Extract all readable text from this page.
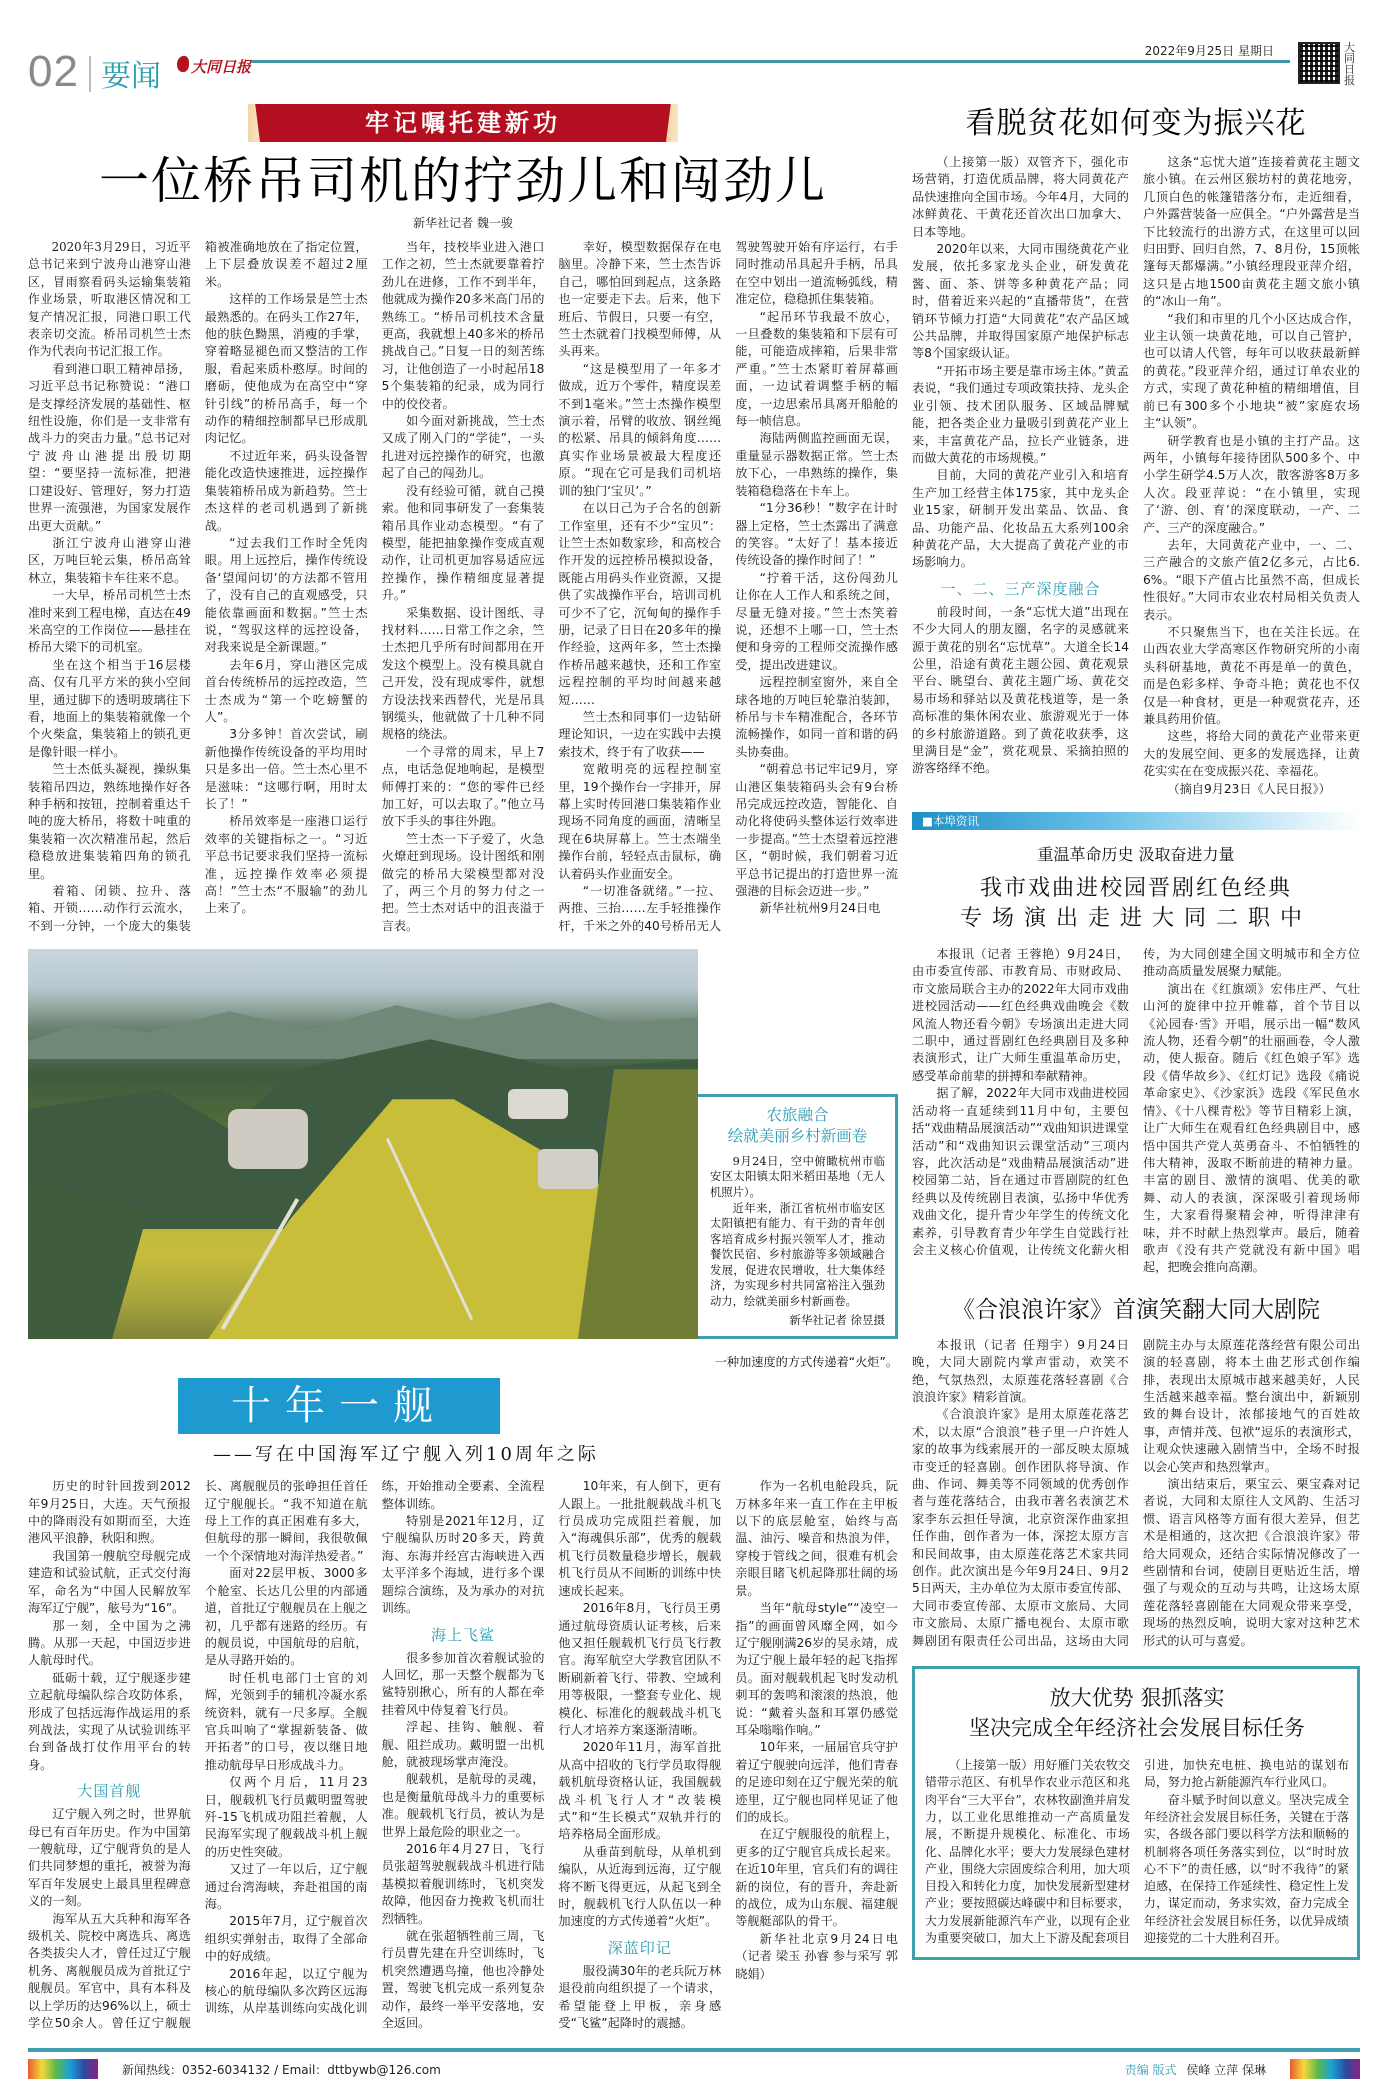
02 要闻 大同日报
2022年9月25日 星期日	大同日报
牢记嘱托建新功
一位桥吊司机的拧劲儿和闯劲儿
新华社记者 魏一骏

2020年3月29日，习近平总书记来到宁波舟山港穿山港区，冒雨察看码头运输集装箱作业场景，听取港区情况和工复产情况汇报，同港口职工代表亲切交流。桥吊司机竺士杰作为代表向书记汇报工作。

看到港口职工精神昂扬，习近平总书记称赞说：“港口是支撑经济发展的基础性、枢纽性设施，你们是一支非常有战斗力的突击力量。”总书记对宁波舟山港提出殷切期望：“要坚持一流标准，把港口建设好、管理好，努力打造世界一流强港，为国家发展作出更大贡献。”

浙江宁波舟山港穿山港区，万吨巨轮云集，桥吊高耸林立，集装箱卡车往来不息。

一大早，桥吊司机竺士杰准时来到工程电梯，直达在49米高空的工作岗位——悬挂在桥吊大梁下的司机室。

坐在这个相当于16层楼高、仅有几平方米的狭小空间里，通过脚下的透明玻璃往下看，地面上的集装箱就像一个个火柴盒，集装箱上的锁孔更是像针眼一样小。

竺士杰低头凝视，操纵集装箱吊四边，熟练地操作好各种手柄和按钮，控制着重达千吨的庞大桥吊，将数十吨重的集装箱一次次精准吊起，然后稳稳放进集装箱四角的锁孔里。

着箱、闭锁、拉升、落箱、开锁……动作行云流水，不到一分钟，一个庞大的集装箱被准确地放在了指定位置，上下层叠放误差不超过2厘米。

这样的工作场景是竺士杰最熟悉的。在码头工作27年，他的肤色黝黑，消瘦的手掌，穿着略显褪色而又整洁的工作服，看起来质朴憨厚。时间的磨砺，使他成为在高空中“穿针引线”的桥吊高手，每一个动作的精细控制都早已形成肌肉记忆。

不过近年来，码头设备智能化改造快速推进，远控操作集装箱桥吊成为新趋势。竺士杰这样的老司机遇到了新挑战。

“过去我们工作时全凭肉眼。用上远控后，操作传统设备‘望闻问切’的方法都不管用了，没有自己的直观感受，只能依靠画面和数据。”竺士杰说，“驾驭这样的远控设备，对我来说是全新课题。”

去年6月，穿山港区完成首台传统桥吊的远控改造，竺士杰成为“第一个吃螃蟹的人”。

3分多钟！首次尝试，刷新他操作传统设备的平均用时只是多出一倍。竺士杰心里不是滋味：“这哪行啊，用时太长了！”

桥吊效率是一座港口运行效率的关键指标之一。“习近平总书记要求我们坚持一流标准，远控操作效率必须提高！”竺士杰“不服输”的劲儿上来了。

当年，技校毕业进入港口工作之初，竺士杰就要靠着拧劲儿在进修，工作不到半年，他就成为操作20多米高门吊的熟练工。“桥吊司机技术含量更高，我就想上40多米的桥吊挑战自己。”日复一日的刻苦练习，让他创造了一小时起吊185个集装箱的纪录，成为同行中的佼佼者。

如今面对新挑战，竺士杰又成了刚入门的“学徒”，一头扎进对远控操作的研究，也激起了自己的闯劲儿。

没有经验可循，就自己摸索。他和同事研发了一套集装箱吊具作业动态模型。“有了模型，能把抽象操作变成直观动作，让司机更加容易适应远控操作，操作精细度显著提升。”

采集数据、设计图纸、寻找材料……日常工作之余，竺士杰把几乎所有时间都用在开发这个模型上。没有模具就自己开发，没有现成零件，就想方设法找来西替代，光是吊具钢缆头，他就做了十几种不同规格的绕法。

一个寻常的周末，早上7点，电话急促地响起，是模型师傅打来的：“您的零件已经加工好，可以去取了。”他立马放下手头的事往外跑。

竺士杰一下子爱了，火急火燎赶到现场。设计图纸和刚做完的桥吊大梁模型都对没了，两三个月的努力付之一把。竺士杰对话中的沮丧溢于言表。

幸好，模型数据保存在电脑里。冷静下来，竺士杰告诉自己，哪怕回到起点，这条路也一定要走下去。后来，他下班后、节假日，只要一有空，竺士杰就着门找模型师傅，从头再来。

“这是模型用了一年多才做成，近万个零件，精度误差不到1毫米。”竺士杰操作模型演示着，吊臂的收放、钢丝绳的松紧、吊具的倾斜角度……真实作业场景被最大程度还原。“现在它可是我们司机培训的独门‘宝贝’。”

在以日己为子合名的创新工作室里，还有不少“宝贝”：让竺士杰如数家珍，和高校合作开发的远控桥吊模拟设备，既能占用码头作业资源，又提供了实战操作平台，培训司机可少不了它，沉甸甸的操作手册，记录了日日在20多年的操作经验，这两年多，竺士杰操作桥吊越来越快，还和工作室远程控制的平均时间越来越短……

竺士杰和同事们一边钻研理论知识，一边在实践中去摸索技术，终于有了收获——

宽敞明亮的远程控制室里，19个操作台一字排开，屏幕上实时传回港口集装箱作业现场不同角度的画面，清晰呈现在6块屏幕上。竺士杰端坐操作台前，轻轻点击鼠标，确认着码头作业面安全。

“一切准备就绪。”一拉、两推、三抬……左手轻推操作杆，千米之外的40号桥吊无人驾驶驾驶开始有序运行，右手同时推动吊具起升手柄，吊具在空中划出一道流畅弧线，精准定位，稳稳抓住集装箱。

“起吊环节我最不放心，一旦叠数的集装箱和下层有可能，可能造成摔箱，后果非常严重。”竺士杰紧盯着屏幕画面，一边试着调整手柄的幅度，一边思索吊具离开船舱的每一帧信息。

海陆两侧监控画面无误，重量显示器数据正常。竺士杰放下心，一串熟练的操作，集装箱稳稳落在卡车上。

“1分36秒！”数字在计时器上定格，竺士杰露出了满意的笑容。“太好了！基本接近传统设备的操作时间了！”

“拧着干活，这份闯劲儿让你在人工作人和系统之间，尽量无缝对接。”竺士杰笑着说，还想不上哪一口，竺士杰便和身旁的工程师交流操作感受，提出改进建议。

远程控制室窗外，来自全球各地的万吨巨轮靠泊装卸，桥吊与卡车精准配合，各环节流畅操作，如同一首和谐的码头协奏曲。

“朝着总书记牢记9月，穿山港区集装箱码头会有9台桥吊完成远控改造，智能化、自动化将使码头整体运行效率进一步提高。”竺士杰望着远控港区，“朝时候，我们朝着习近平总书记提出的打造世界一流强港的目标会迈进一步。”

新华社杭州9月24日电

农旅融合
绘就美丽乡村新画卷

9月24日，空中俯瞰杭州市临安区太阳镇太阳米稻田基地（无人机照片）。

近年来，浙江省杭州市临安区太阳镇把有能力、有干劲的青年创客培育成乡村振兴领军人才，推动餐饮民宿、乡村旅游等多领域融合发展，促进农民增收，壮大集体经济，为实现乡村共同富裕注入强劲动力，绘就美丽乡村新画卷。

新华社记者 徐昱摄
一种加速度的方式传递着“火炬”。
十年一舰
——写在中国海军辽宁舰入列10周年之际

历史的时针回拨到2012年9月25日，大连。天气预报中的降雨没有如期而至，大连港风平浪静，秋阳和煦。

我国第一艘航空母舰完成建造和试验试航，正式交付海军，命名为“中国人民解放军海军辽宁舰”，舷号为“16”。

那一刻，全中国为之沸腾。从那一天起，中国迈步进人航母时代。

砥砺十载，辽宁舰逐步建立起航母编队综合攻防体系，形成了包括远海作战运用的系列战法，实现了从试验训练平台到备战打仗作用平台的转身。

大国首舰

辽宁舰入列之时，世界航母已有百年历史。作为中国第一艘航母，辽宁舰背负的是人们共同梦想的重托，被誉为海军百年发展史上最具里程碑意义的一刻。

海军从五大兵种和海军各级机关、院校中离选兵、离选各类拔尖人才，曾任过辽宁舰机务、离舰舰员成为首批辽宁舰舰员。军官中，具有本科及以上学历的达96%以上，硕士学位50余人。曾任辽宁舰舰长、离舰舰员的张峥担任首任辽宁舰舰长。“我不知道在航母上工作的真正困难有多大，但航母的那一瞬间，我很敬佩一个个深情地对海洋热爱者。”

面对22层甲板、3000多个舱室、长达几公里的内部通道，首批辽宁舰舰员在上舰之初，几乎都有迷路的经历。有的舰员说，中国航母的启航，是从寻路开始的。

时任机电部门士官的刘辉，光领到手的辅机冷凝水系统资料，就有一尺多厚。全舰官兵叫响了“掌握新装备、做开拓者”的口号，夜以继日地推动航母早日形成战斗力。

仅两个月后，11月23日，舰载机飞行员戴明盟驾驶歼-15飞机成功阻拦着舰，人民海军实现了舰载战斗机上舰的历史性突破。

又过了一年以后，辽宁舰通过台湾海峡，奔赴祖国的南海。

2015年7月，辽宁舰首次组织实弹射击，取得了全部命中的好成绩。

2016年起，以辽宁舰为核心的航母编队多次跨区远海训练，从岸基训练向实战化训练，开始推动全要素、全流程整体训练。

特别是2021年12月，辽宁舰编队历时20多天，跨黄海、东海并经宫古海峡进入西太平洋多个海域，进行多个课题综合演练，及为承办的对抗训练。

海上飞鲨

很多参加首次着舰试验的人回忆，那一天整个舰都为飞鲨特别揪心，所有的人都在牵挂着风中侍复着飞行员。

浮起、挂钩、触舰、着舰、阻拦成功。戴明盟一出机舱，就被现场掌声淹没。

舰载机，是航母的灵魂，也是衡量航母战斗力的重要标准。舰载机飞行员，被认为是世界上最危险的职业之一。

2016年4月27日，飞行员张超驾驶舰载战斗机进行陆基模拟着舰训练时，飞机突发故障，他因奋力挽救飞机而壮烈牺牲。

就在张超牺牲前三周，飞行员曹先建在升空训练时，飞机突然遭遇鸟撞，他也冷静处置，驾驶飞机完成一系列复杂动作，最终一举平安落地，安全返回。

10年来，有人倒下，更有人跟上。一批批舰载战斗机飞行员成功完成阻拦着舰，加入“海魂俱乐部”，优秀的舰载机飞行员数量稳步增长，舰载机飞行员从不间断的训练中快速成长起来。

2016年8月，飞行员王勇通过航母资质认证考核，后来他又担任舰载机飞行员飞行教官。海军航空大学教官团队不断刷新着飞行、带教、空域利用等极限，一整套专业化、规模化、标准化的舰载战斗机飞行人才培养方案逐渐清晰。

2020年11月，海军首批从高中招收的飞行学员取得舰载机航母资格认证，我国舰载战斗机飞行人才“改装模式”和“生长模式”双轨并行的培养格局全面形成。

从垂苗到航母，从单机到编队，从近海到远海，辽宁舰将不断飞得更远，从起飞到全时，舰载机飞行人队伍以一种加速度的方式传递着“火炬”。

深蓝印记

服役满30年的老兵阮万林退役前向组织提了一个请求，希望能登上甲板，亲身感受“飞鲨”起降时的震撼。

作为一名机电舱段兵，阮万林多年来一直工作在主甲板以下的底层舱室，始终与高温、油污、噪音和热浪为伴，穿梭于管线之间，很难有机会亲眼目睹飞机起降那壮阔的场景。

当年“航母style”“凌空一指”的画面曾风靡全网，如今辽宁舰刚满26岁的吴永靖，成为辽宁舰上最年轻的起飞指挥员。面对舰载机起飞时发动机刺耳的轰鸣和滚滚的热浪，他说：“戴着头盔和耳罩仍感觉耳朵嗡嗡作响。”

10年来，一届届官兵守护着辽宁舰驶向远洋，他们青春的足迹印刻在辽宁舰光荣的航迹里，辽宁舰也同样见证了他们的成长。

在辽宁舰服役的航程上，更多的辽宁舰官兵成长起来。在近10年里，官兵们有的调往新的岗位，有的晋升，奔赴新的战位，成为山东舰、福建舰等舰艇部队的骨干。

新华社北京9月24日电（记者 梁玉 孙睿 参与采写 郭晓娟）

看脱贫花如何变为振兴花

（上接第一版）双管齐下，强化市场营销，打造优质品牌，将大同黄花产品快速推向全国市场。今年4月，大同的冰鲜黄花、干黄花还首次出口加拿大、日本等地。

2020年以来，大同市围绕黄花产业发展，依托多家龙头企业，研发黄花酱、面、茶、饼等多种黄花产品；同时，借着近来兴起的“直播带货”，在营销环节倾力打造“大同黄花”农产品区域公共品牌，并取得国家原产地保护标志等8个国家级认证。

“开拓市场主要是靠市场主体。”黄孟表说，“我们通过专项政策扶持、龙头企业引领、技术团队服务、区域品牌赋能，把各类企业力量吸引到黄花产业上来，丰富黄花产品，拉长产业链条，进而做大黄花的市场规模。”

目前，大同的黄花产业引入和培育生产加工经营主体175家，其中龙头企业15家，研制开发出菜品、饮品、食品、功能产品、化妆品五大系列100余种黄花产品，大大提高了黄花产业的市场影响力。

一、二、三产深度融合

前段时间，一条“忘忧大道”出现在不少大同人的朋友圈，名字的灵感就来源于黄花的别名“忘忧草”。大道全长14公里，沿途有黄花主题公园、黄花观景平台、眺望台、黄花主题广场、黄花交易市场和驿站以及黄花栈道等，是一条高标准的集休闲农业、旅游观光于一体的乡村旅游道路。到了黄花收获季，这里满目是“金”，赏花观景、采摘拍照的游客络绎不绝。

这条“忘忧大道”连接着黄花主题文旅小镇。在云州区猴坊村的黄花地旁，几顶白色的帐篷错落分布，走近细看，户外露营装备一应俱全。“户外露营是当下比较流行的出游方式，在这里可以回归田野、回归自然，7、8月份，15顶帐篷每天都爆满。”小镇经理段亚萍介绍，这只是占地1500亩黄花主题文旅小镇的“冰山一角”。

“我们和市里的几个小区达成合作，业主认领一块黄花地，可以自己管护，也可以请人代管，每年可以收获最新鲜的黄花。”段亚萍介绍，通过订单农业的方式，实现了黄花种植的精细增值，目前已有300多个小地块“被”家庭农场主“认领”。

研学教育也是小镇的主打产品。这两年，小镇每年接待团队500多个、中小学生研学4.5万人次，散客游客8万多人次。段亚萍说：“在小镇里，实现了‘游、创、育’的深度联动，一产、二产、三产的深度融合。”

去年，大同黄花产业中，一、二、三产融合的文旅产值2亿多元，占比6.6%。“眼下产值占比虽然不高，但成长性很好。”大同市农业农村局相关负责人表示。

不只聚焦当下，也在关注长远。在山西农业大学高寒区作物研究所的小南头科研基地，黄花不再是单一的黄色，而是色彩多样、争奇斗艳；黄花也不仅仅是一种食材，更是一种观赏花卉，还兼具药用价值。

这些，将给大同的黄花产业带来更大的发展空间、更多的发展选择，让黄花实实在在变成振兴花、幸福花。

（摘自9月23日《人民日报》）

■本埠资讯
重温革命历史 汲取奋进力量
我市戏曲进校园晋剧红色经典
专场演出走进大同二职中

本报讯（记者 王蓉艳）9月24日，由市委宣传部、市教育局、市财政局、市文旅局联合主办的2022年大同市戏曲进校园活动——红色经典戏曲晚会《数风流人物还看今朝》专场演出走进大同二职中，通过晋剧红色经典剧目及多种表演形式，让广大师生重温革命历史，感受革命前辈的拼搏和奉献精神。

据了解，2022年大同市戏曲进校园活动将一直延续到11月中旬，主要包括“戏曲精品展演活动”“戏曲知识进课堂活动”和“戏曲知识云课堂活动”三项内容，此次活动是“戏曲精品展演活动”进校园第二站，旨在通过市晋剧院的红色经典以及传统剧目表演，弘扬中华优秀戏曲文化，提升青少年学生的传统文化素养，引导教育青少年学生自觉践行社会主义核心价值观，让传统文化薪火相传，为大同创建全国文明城市和全方位推动高质量发展聚力赋能。

演出在《红旗颂》宏伟庄严、气壮山河的旋律中拉开帷幕，首个节目以《沁园春·雪》开唱，展示出一幅“数风流人物，还看今朝”的壮丽画卷，令人激动，使人振奋。随后《红色娘子军》选段《倩华故乡》、《红灯记》选段《痛说革命家史》、《沙家浜》选段《军民鱼水情》、《十八棵青松》等节目精彩上演，让广大师生在观看红色经典剧目中，感悟中国共产党人英勇奋斗、不怕牺牲的伟大精神，汲取不断前进的精神力量。丰富的剧目、激情的演唱、优美的歌舞、动人的表演，深深吸引着现场师生，大家看得聚精会神，听得津津有味，并不时献上热烈掌声。最后，随着歌声《没有共产党就没有新中国》唱起，把晚会推向高潮。

《合浪浪许家》首演笑翻大同大剧院

本报讯（记者 任翔宇）9月24日晚，大同大剧院内掌声雷动，欢笑不绝，气氛热烈，太原莲花落轻喜剧《合浪浪许家》精彩首演。

《合浪浪许家》是用太原莲花落艺术，以太原“合浪浪”巷子里一户许姓人家的故事为线索展开的一部反映太原城市变迁的轻喜剧。创作团队将导演、作曲、作词、舞美等不同领域的优秀创作者与莲花落结合，由我市著名表演艺术家李东云担任导演，北京资深作曲家担任作曲，创作者为一体，深挖太原方言和民间故事，由太原莲花落艺术家共同创作。此次演出是今年9月24日、9月25日两天，主办单位为太原市委宣传部、大同市委宣传部、太原市文旅局、大同市文旅局、太原广播电视台、太原市歌舞剧团有限责任公司出品，这场由大同剧院主办与太原莲花落经营有限公司出演的轻喜剧，将本土曲艺形式创作编排，表现出太原城市越来越美好，人民生活越来越幸福。整台演出中，新颖别致的舞台设计，浓郁接地气的百姓故事，声情并茂、包袱“逗乐的表演形式，让观众快速融入剧情当中，全场不时报以会心笑声和热烈掌声。

演出结束后，栗宝云、栗宝森对记者说，大同和太原往人文风韵、生活习惯、语言风格等方面有很大差异，但艺术是相通的，这次把《合浪浪许家》带给大同观众，还结合实际情况修改了一些剧情和台词，使剧目更贴近生活，增强了与观众的互动与共鸣，让这场太原莲花落轻喜剧能在大同观众带来享受，现场的热烈反响，说明大家对这种艺术形式的认可与喜爱。

放大优势 狠抓落实
坚决完成全年经济社会发展目标任务

（上接第一版）用好雁门关农牧交错带示范区、有机旱作农业示范区和兆肉平台“三大平台”，农林牧副渔并肩发力，以工业化思维推动一产高质量发展，不断提升规模化、标准化、市场化、品牌化水平；要大力发展绿色建材产业，围绕大宗固废综合利用，加大项目投入和转化力度，加快发展新型建材产业；要按照碳达峰碳中和目标要求，大力发展新能源汽车产业，以现有企业为重要突破口，加大上下游及配套项目引进，加快充电桩、换电站的谋划布局，努力抢占新能源汽车行业风口。

奋斗赋予时间以意义。坚决完成全年经济社会发展目标任务，关键在于落实，各级各部门要以科学方法和顺畅的机制将各项任务落实到位，以“时时放心不下”的责任感，以“时不我待”的紧迫感，在保持工作延续性、稳定性上发力，谋定而动，务求实效，奋力完成全年经济社会发展目标任务，以优异成绩迎接党的二十大胜利召开。

新闻热线：0352-6034132 / Email：dttbywb@126.com	责编 版式 侯峰 立萍 保琳
